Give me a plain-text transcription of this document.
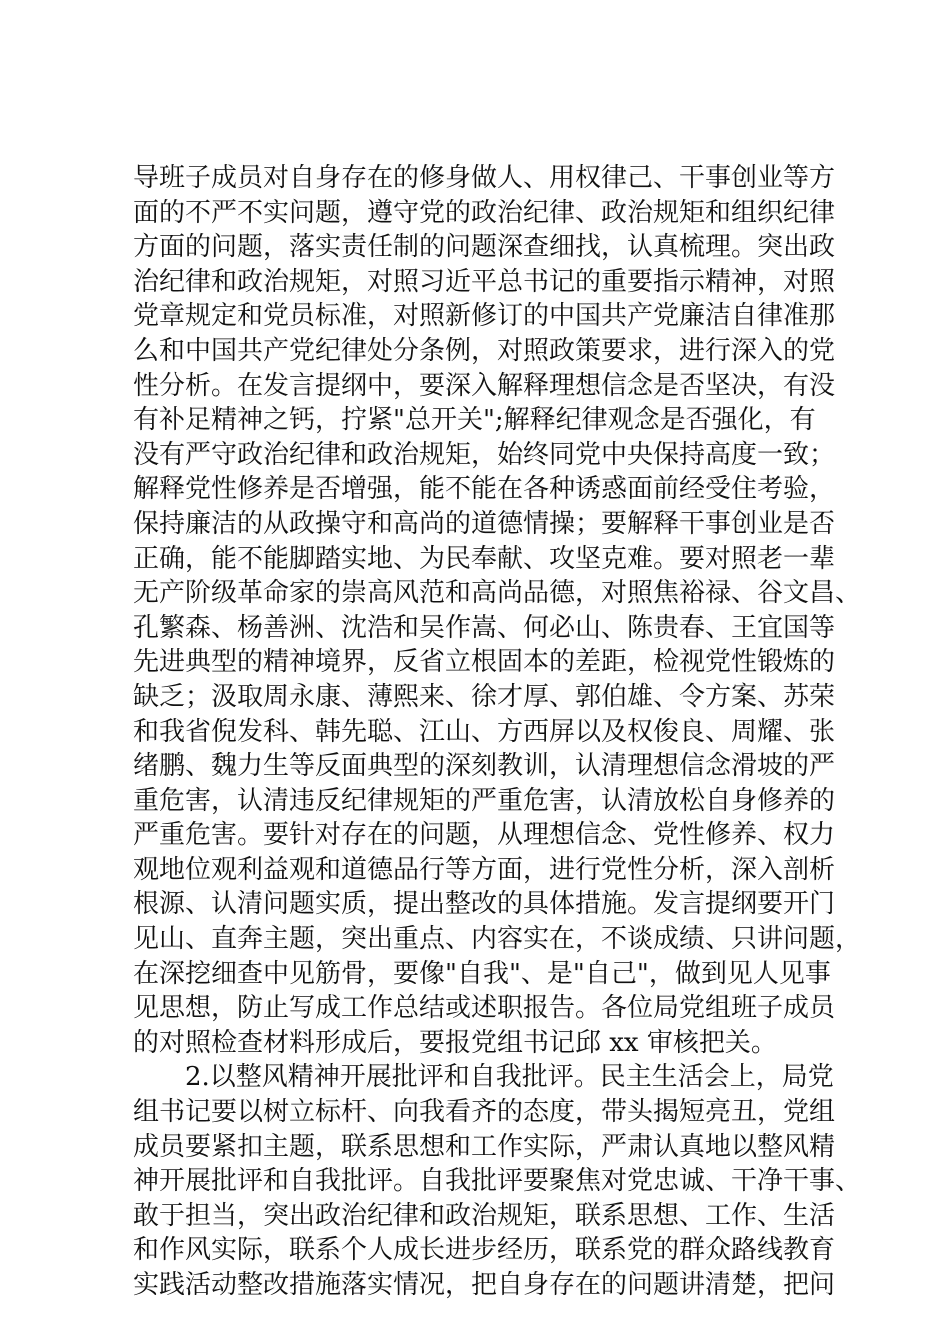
导班子成员对自身存在的修身做人、用权律己、干事创业等方
面的不严不实问题，遵守党的政治纪律、政治规矩和组织纪律
方面的问题，落实责任制的问题深查细找，认真梳理。突出政
治纪律和政治规矩，对照习近平总书记的重要指示精神，对照
党章规定和党员标准，对照新修订的中国共产党廉洁自律准那
么和中国共产党纪律处分条例，对照政策要求，进行深入的党
性分析。在发言提纲中，要深入解释理想信念是否坚决，有没
有补足精神之钙，拧紧"总开关";解释纪律观念是否强化，有
没有严守政治纪律和政治规矩，始终同党中央保持高度一致；
解释党性修养是否增强，能不能在各种诱惑面前经受住考验，
保持廉洁的从政操守和高尚的道德情操；要解释干事创业是否
正确，能不能脚踏实地、为民奉献、攻坚克难。要对照老一辈
无产阶级革命家的崇高风范和高尚品德，对照焦裕禄、谷文昌、
孔繁森、杨善洲、沈浩和吴作嵩、何必山、陈贵春、王宜国等
先进典型的精神境界，反省立根固本的差距，检视党性锻炼的
缺乏；汲取周永康、薄熙来、徐才厚、郭伯雄、令方案、苏荣
和我省倪发科、韩先聪、江山、方西屏以及权俊良、周耀、张
绪鹏、魏力生等反面典型的深刻教训，认清理想信念滑坡的严
重危害，认清违反纪律规矩的严重危害，认清放松自身修养的
严重危害。要针对存在的问题，从理想信念、党性修养、权力
观地位观利益观和道德品行等方面，进行党性分析，深入剖析
根源、认清问题实质，提出整改的具体措施。发言提纲要开门
见山、直奔主题，突出重点、内容实在，不谈成绩、只讲问题，
在深挖细查中见筋骨，要像"自我"、是"自己"，做到见人见事
见思想，防止写成工作总结或述职报告。各位局党组班子成员
的对照检查材料形成后，要报党组书记邱 xx 审核把关。
2.以整风精神开展批评和自我批评。民主生活会上，局党
组书记要以树立标杆、向我看齐的态度，带头揭短亮丑，党组
成员要紧扣主题，联系思想和工作实际，严肃认真地以整风精
神开展批评和自我批评。自我批评要聚焦对党忠诚、干净干事、
敢于担当，突出政治纪律和政治规矩，联系思想、工作、生活
和作风实际，联系个人成长进步经历，联系党的群众路线教育
实践活动整改措施落实情况，把自身存在的问题讲清楚，把问
